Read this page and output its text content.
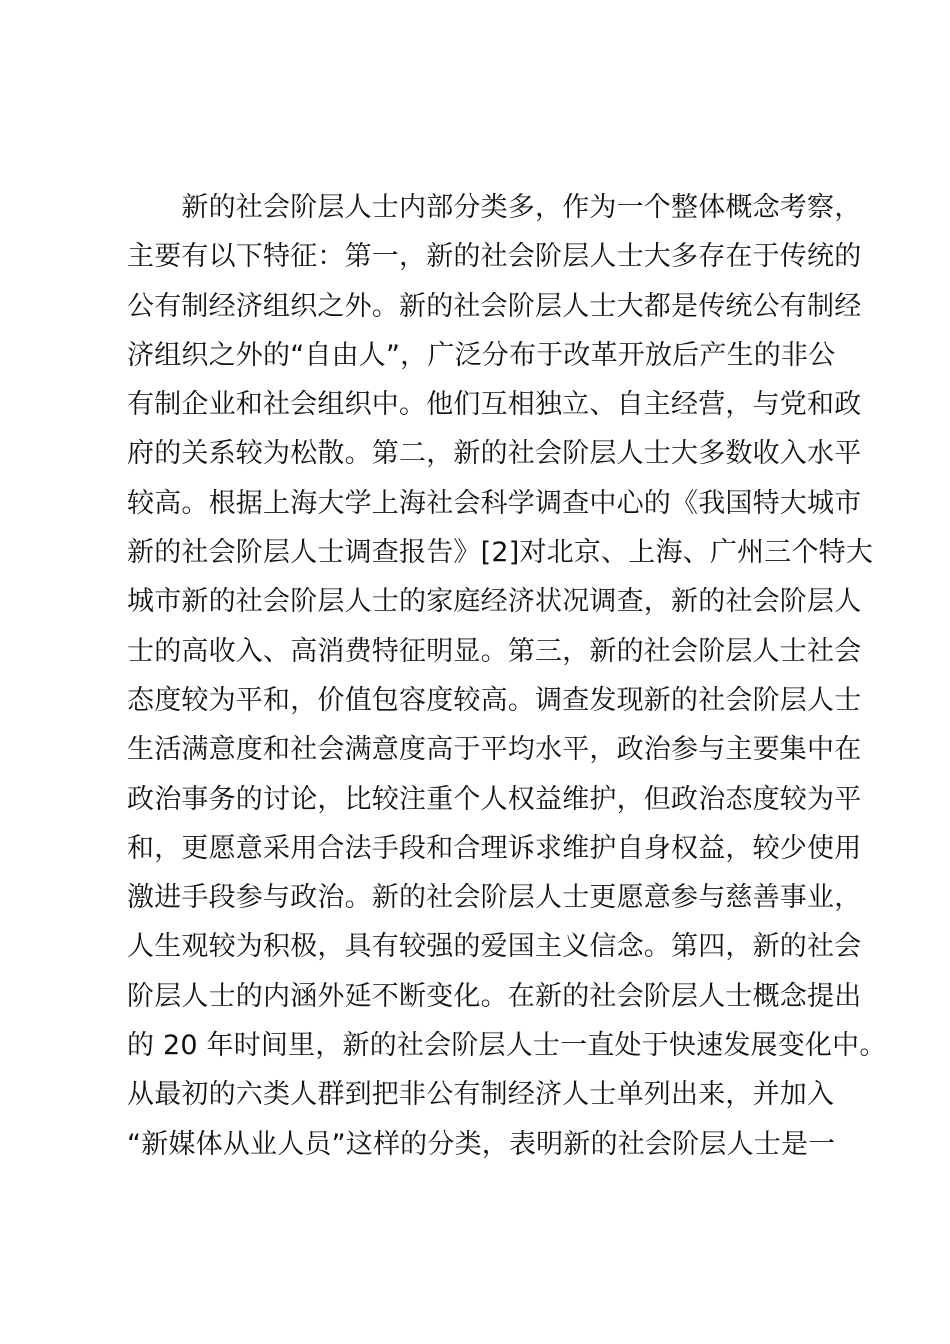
　　新的社会阶层人士内部分类多，作为一个整体概念考察，
主要有以下特征：第一，新的社会阶层人士大多存在于传统的
公有制经济组织之外。新的社会阶层人士大都是传统公有制经
济组织之外的“自由人”，广泛分布于改革开放后产生的非公
有制企业和社会组织中。他们互相独立、自主经营，与党和政
府的关系较为松散。第二，新的社会阶层人士大多数收入水平
较高。根据上海大学上海社会科学调查中心的《我国特大城市
新的社会阶层人士调查报告》[2]对北京、上海、广州三个特大
城市新的社会阶层人士的家庭经济状况调查，新的社会阶层人
士的高收入、高消费特征明显。第三，新的社会阶层人士社会
态度较为平和，价值包容度较高。调查发现新的社会阶层人士
生活满意度和社会满意度高于平均水平，政治参与主要集中在
政治事务的讨论，比较注重个人权益维护，但政治态度较为平
和，更愿意采用合法手段和合理诉求维护自身权益，较少使用
激进手段参与政治。新的社会阶层人士更愿意参与慈善事业，
人生观较为积极，具有较强的爱国主义信念。第四，新的社会
阶层人士的内涵外延不断变化。在新的社会阶层人士概念提出
的 20 年时间里，新的社会阶层人士一直处于快速发展变化中。
从最初的六类人群到把非公有制经济人士单列出来，并加入
“新媒体从业人员”这样的分类，表明新的社会阶层人士是一
